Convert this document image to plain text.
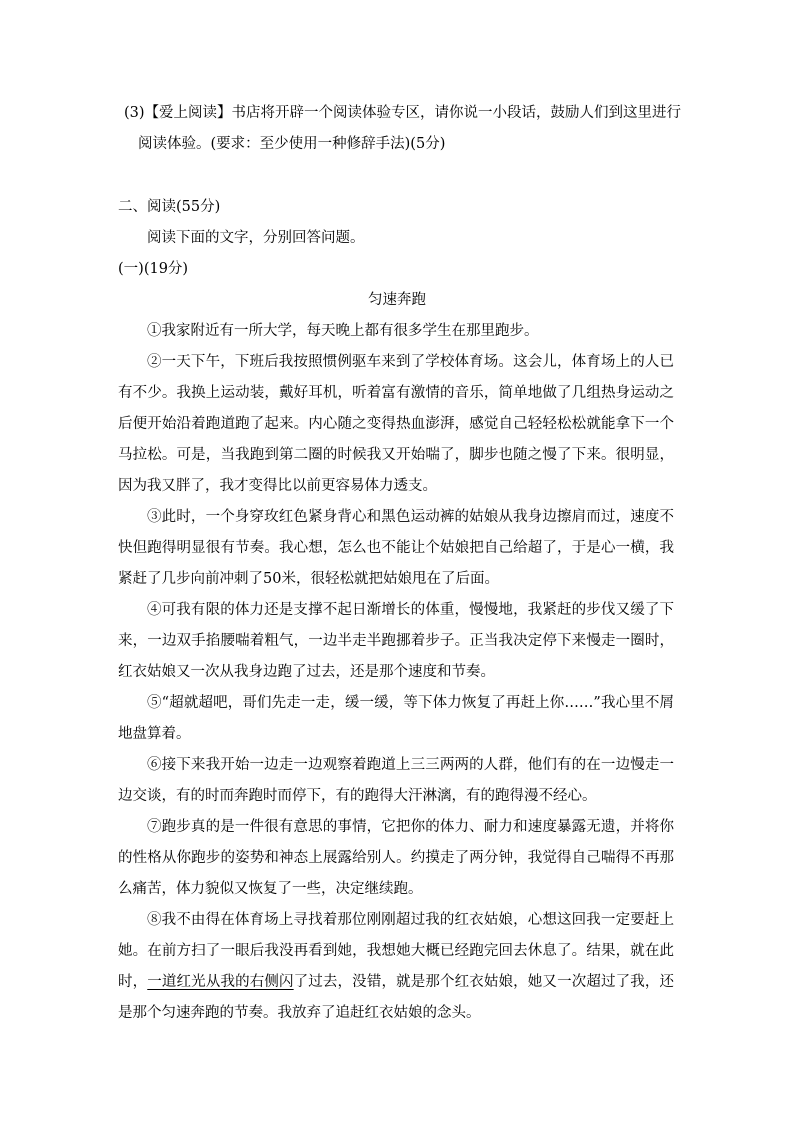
(3)【爱上阅读】书店将开辟一个阅读体验专区，请你说一小段话，鼓励人们到这里进行
阅读体验。(要求：至少使用一种修辞手法)(5分)
二、阅读(55分)
阅读下面的文字，分别回答问题。
(一)(19分)
匀速奔跑
①我家附近有一所大学，每天晚上都有很多学生在那里跑步。
②一天下午，下班后我按照惯例驱车来到了学校体育场。这会儿，体育场上的人已有不少。我换上运动装，戴好耳机，听着富有激情的音乐，简单地做了几组热身运动之后便开始沿着跑道跑了起来。内心随之变得热血澎湃，感觉自己轻轻松松就能拿下一个马拉松。可是，当我跑到第二圈的时候我又开始喘了，脚步也随之慢了下来。很明显，因为我又胖了，我才变得比以前更容易体力透支。
③此时，一个身穿玫红色紧身背心和黑色运动裤的姑娘从我身边擦肩而过，速度不快但跑得明显很有节奏。我心想，怎么也不能让个姑娘把自己给超了，于是心一横，我紧赶了几步向前冲刺了50米，很轻松就把姑娘甩在了后面。
④可我有限的体力还是支撑不起日渐增长的体重，慢慢地，我紧赶的步伐又缓了下来，一边双手掐腰喘着粗气，一边半走半跑挪着步子。正当我决定停下来慢走一圈时，红衣姑娘又一次从我身边跑了过去，还是那个速度和节奏。
⑤“超就超吧，哥们先走一走，缓一缓，等下体力恢复了再赶上你……”我心里不屑地盘算着。
⑥接下来我开始一边走一边观察着跑道上三三两两的人群，他们有的在一边慢走一边交谈，有的时而奔跑时而停下，有的跑得大汗淋漓，有的跑得漫不经心。
⑦跑步真的是一件很有意思的事情，它把你的体力、耐力和速度暴露无遗，并将你的性格从你跑步的姿势和神态上展露给别人。约摸走了两分钟，我觉得自己喘得不再那么痛苦，体力貌似又恢复了一些，决定继续跑。
⑧我不由得在体育场上寻找着那位刚刚超过我的红衣姑娘，心想这回我一定要赶上她。在前方扫了一眼后我没再看到她，我想她大概已经跑完回去休息了。结果，就在此时，一道红光从我的右侧闪了过去，没错，就是那个红衣姑娘，她又一次超过了我，还是那个匀速奔跑的节奏。我放弃了追赶红衣姑娘的念头。
